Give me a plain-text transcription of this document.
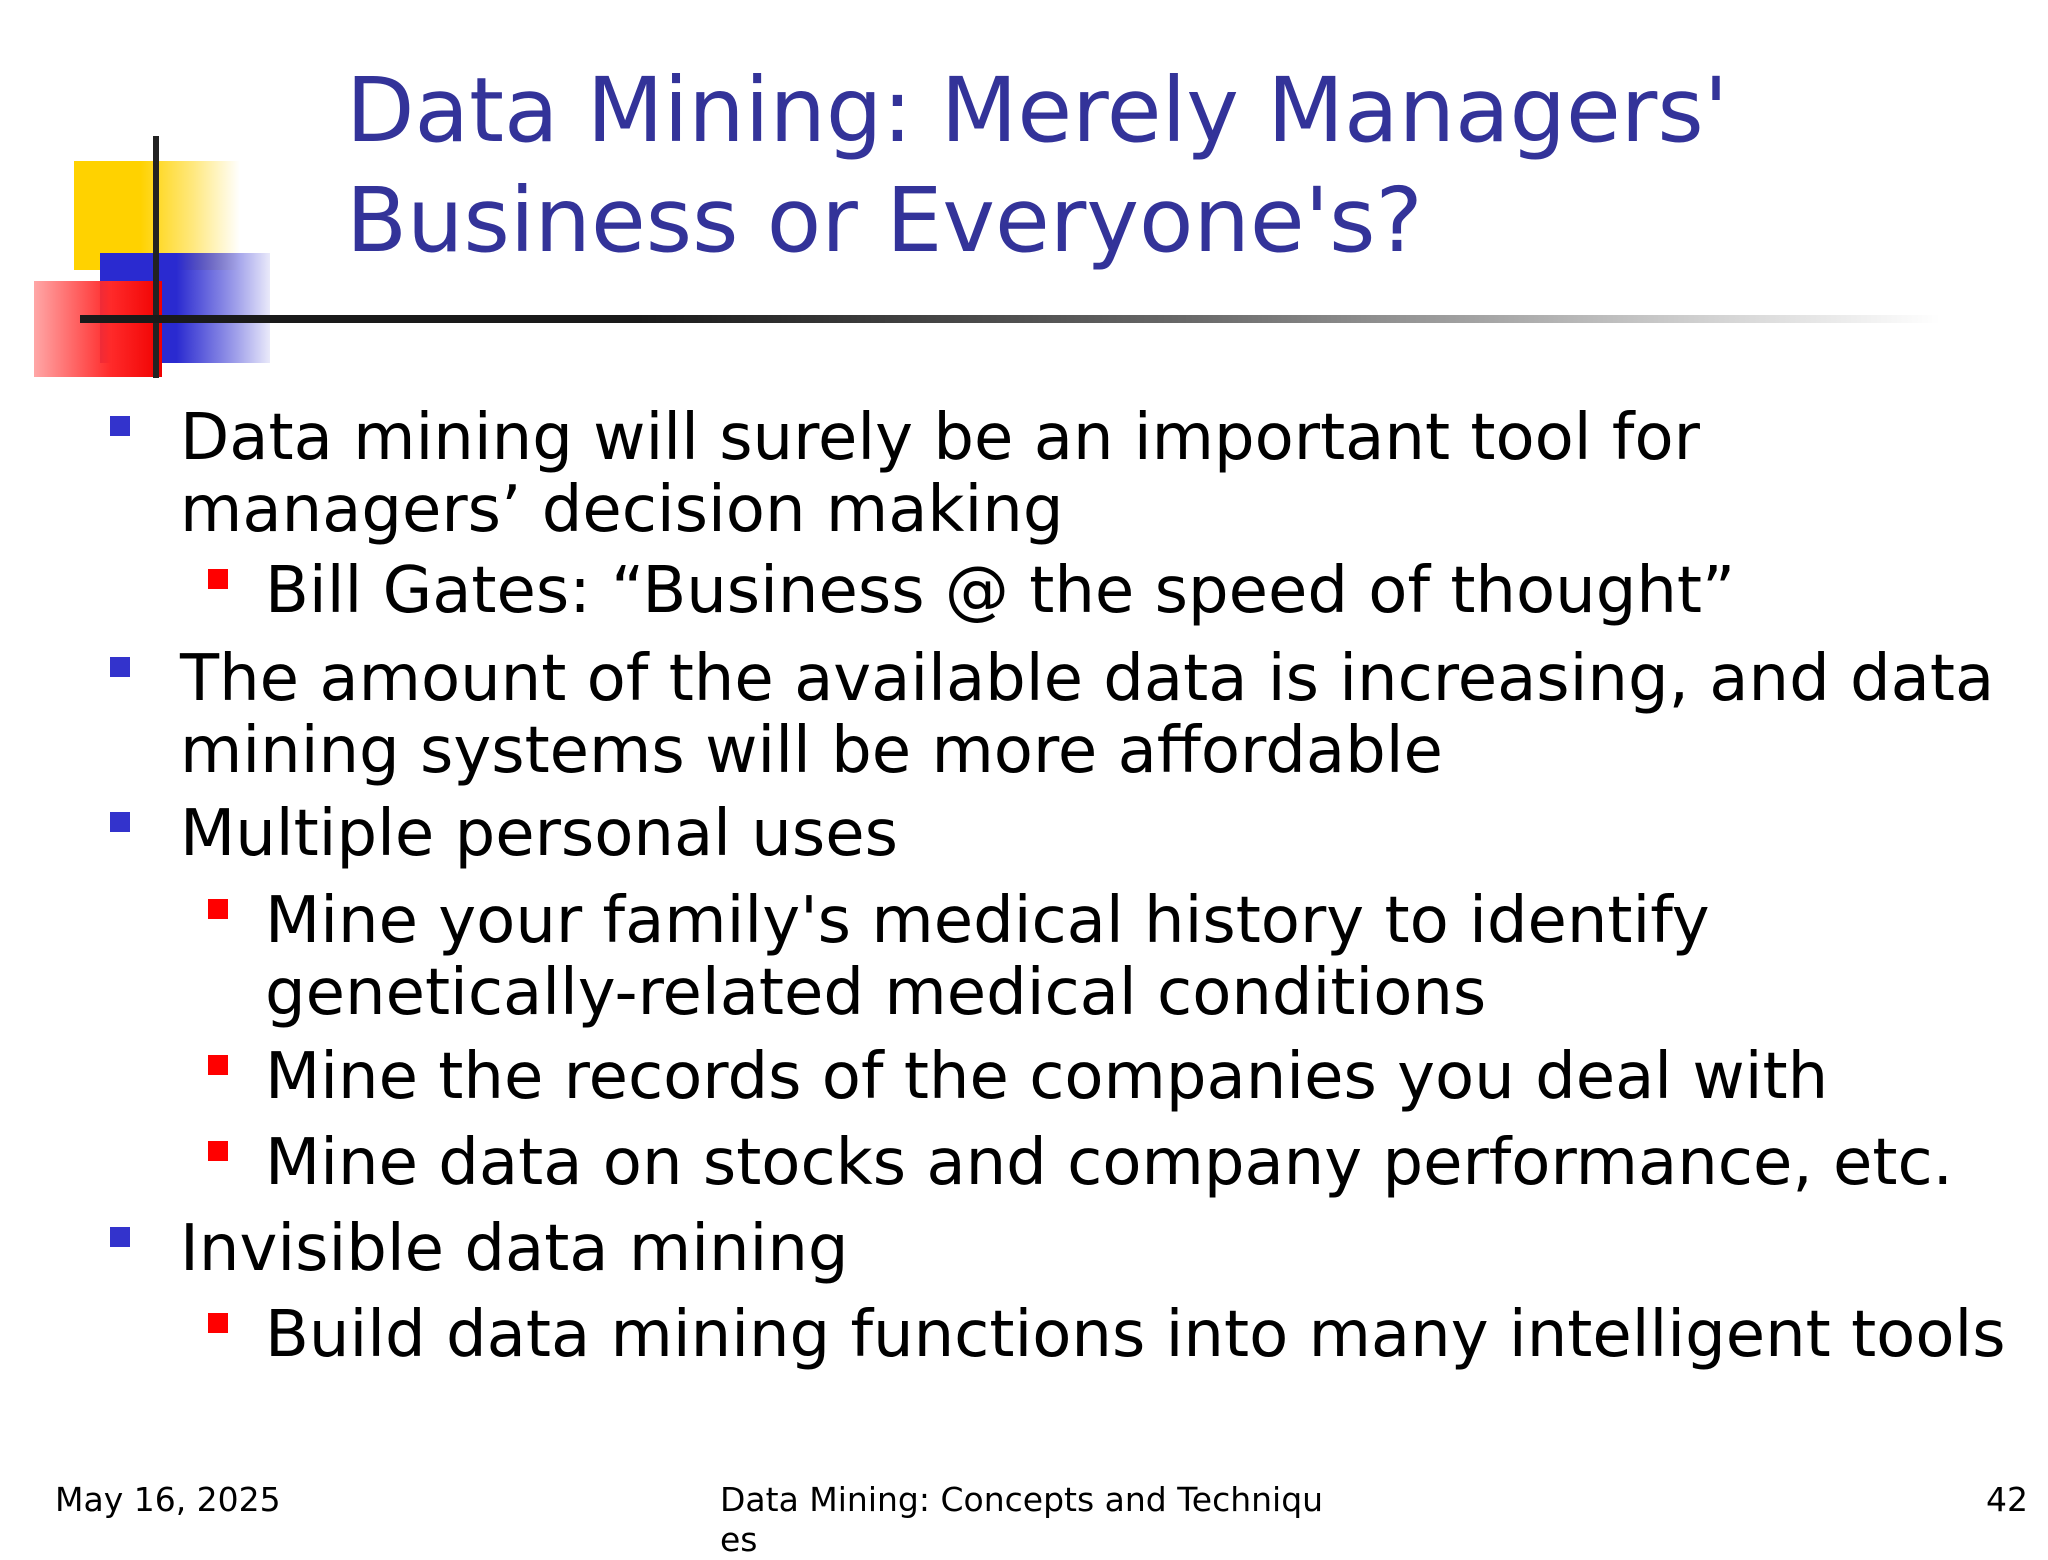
Data Mining: Merely Managers'
Business or Everyone's?
Data mining will surely be an important tool for
managers’ decision making
Bill Gates: “Business @ the speed of thought”
The amount of the available data is increasing, and data
mining systems will be more affordable
Multiple personal uses
Mine your family's medical history to identify
genetically-related medical conditions
Mine the records of the companies you deal with
Mine data on stocks and company performance, etc.
Invisible data mining
Build data mining functions into many intelligent tools
May 16, 2025	Data Mining: Concepts and Techniqu
es
42
